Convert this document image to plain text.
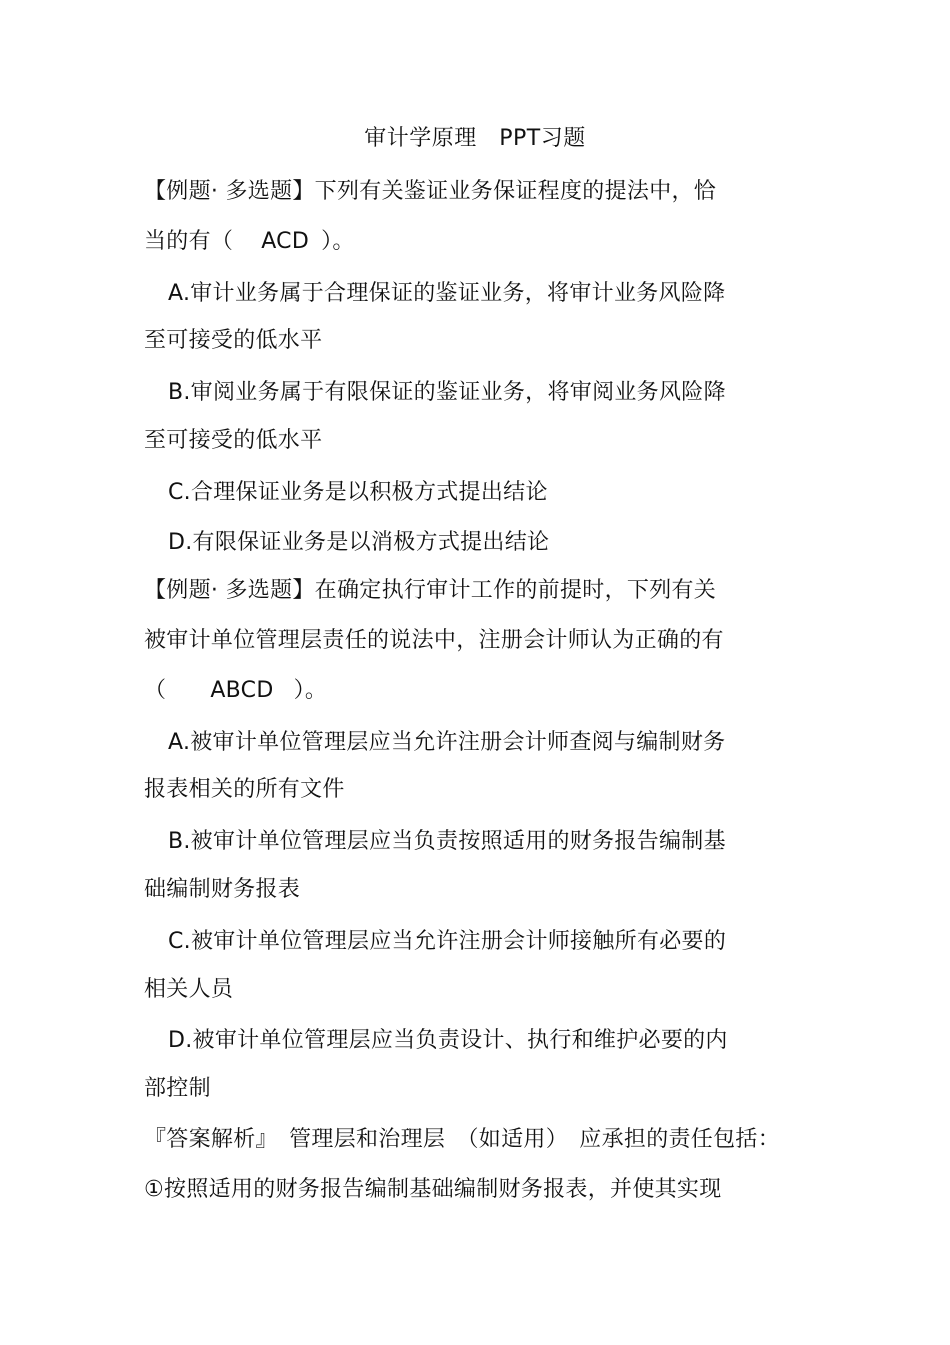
审计学原理　PPT习题
【例题· 多选题】下列有关鉴证业务保证程度的提法中，恰
当的有（ ACD ）。
A.审计业务属于合理保证的鉴证业务，将审计业务风险降
至可接受的低水平
B.审阅业务属于有限保证的鉴证业务，将审阅业务风险降
至可接受的低水平
C.合理保证业务是以积极方式提出结论
D.有限保证业务是以消极方式提出结论
【例题· 多选题】在确定执行审计工作的前提时，下列有关
被审计单位管理层责任的说法中，注册会计师认为正确的有
（ ABCD ）。
A.被审计单位管理层应当允许注册会计师查阅与编制财务
报表相关的所有文件
B.被审计单位管理层应当负责按照适用的财务报告编制基
础编制财务报表
C.被审计单位管理层应当允许注册会计师接触所有必要的
相关人员
D.被审计单位管理层应当负责设计、执行和维护必要的内
部控制
『答案解析』　管理层和治理层　（如适用）　应承担的责任包括：
①按照适用的财务报告编制基础编制财务报表，并使其实现
